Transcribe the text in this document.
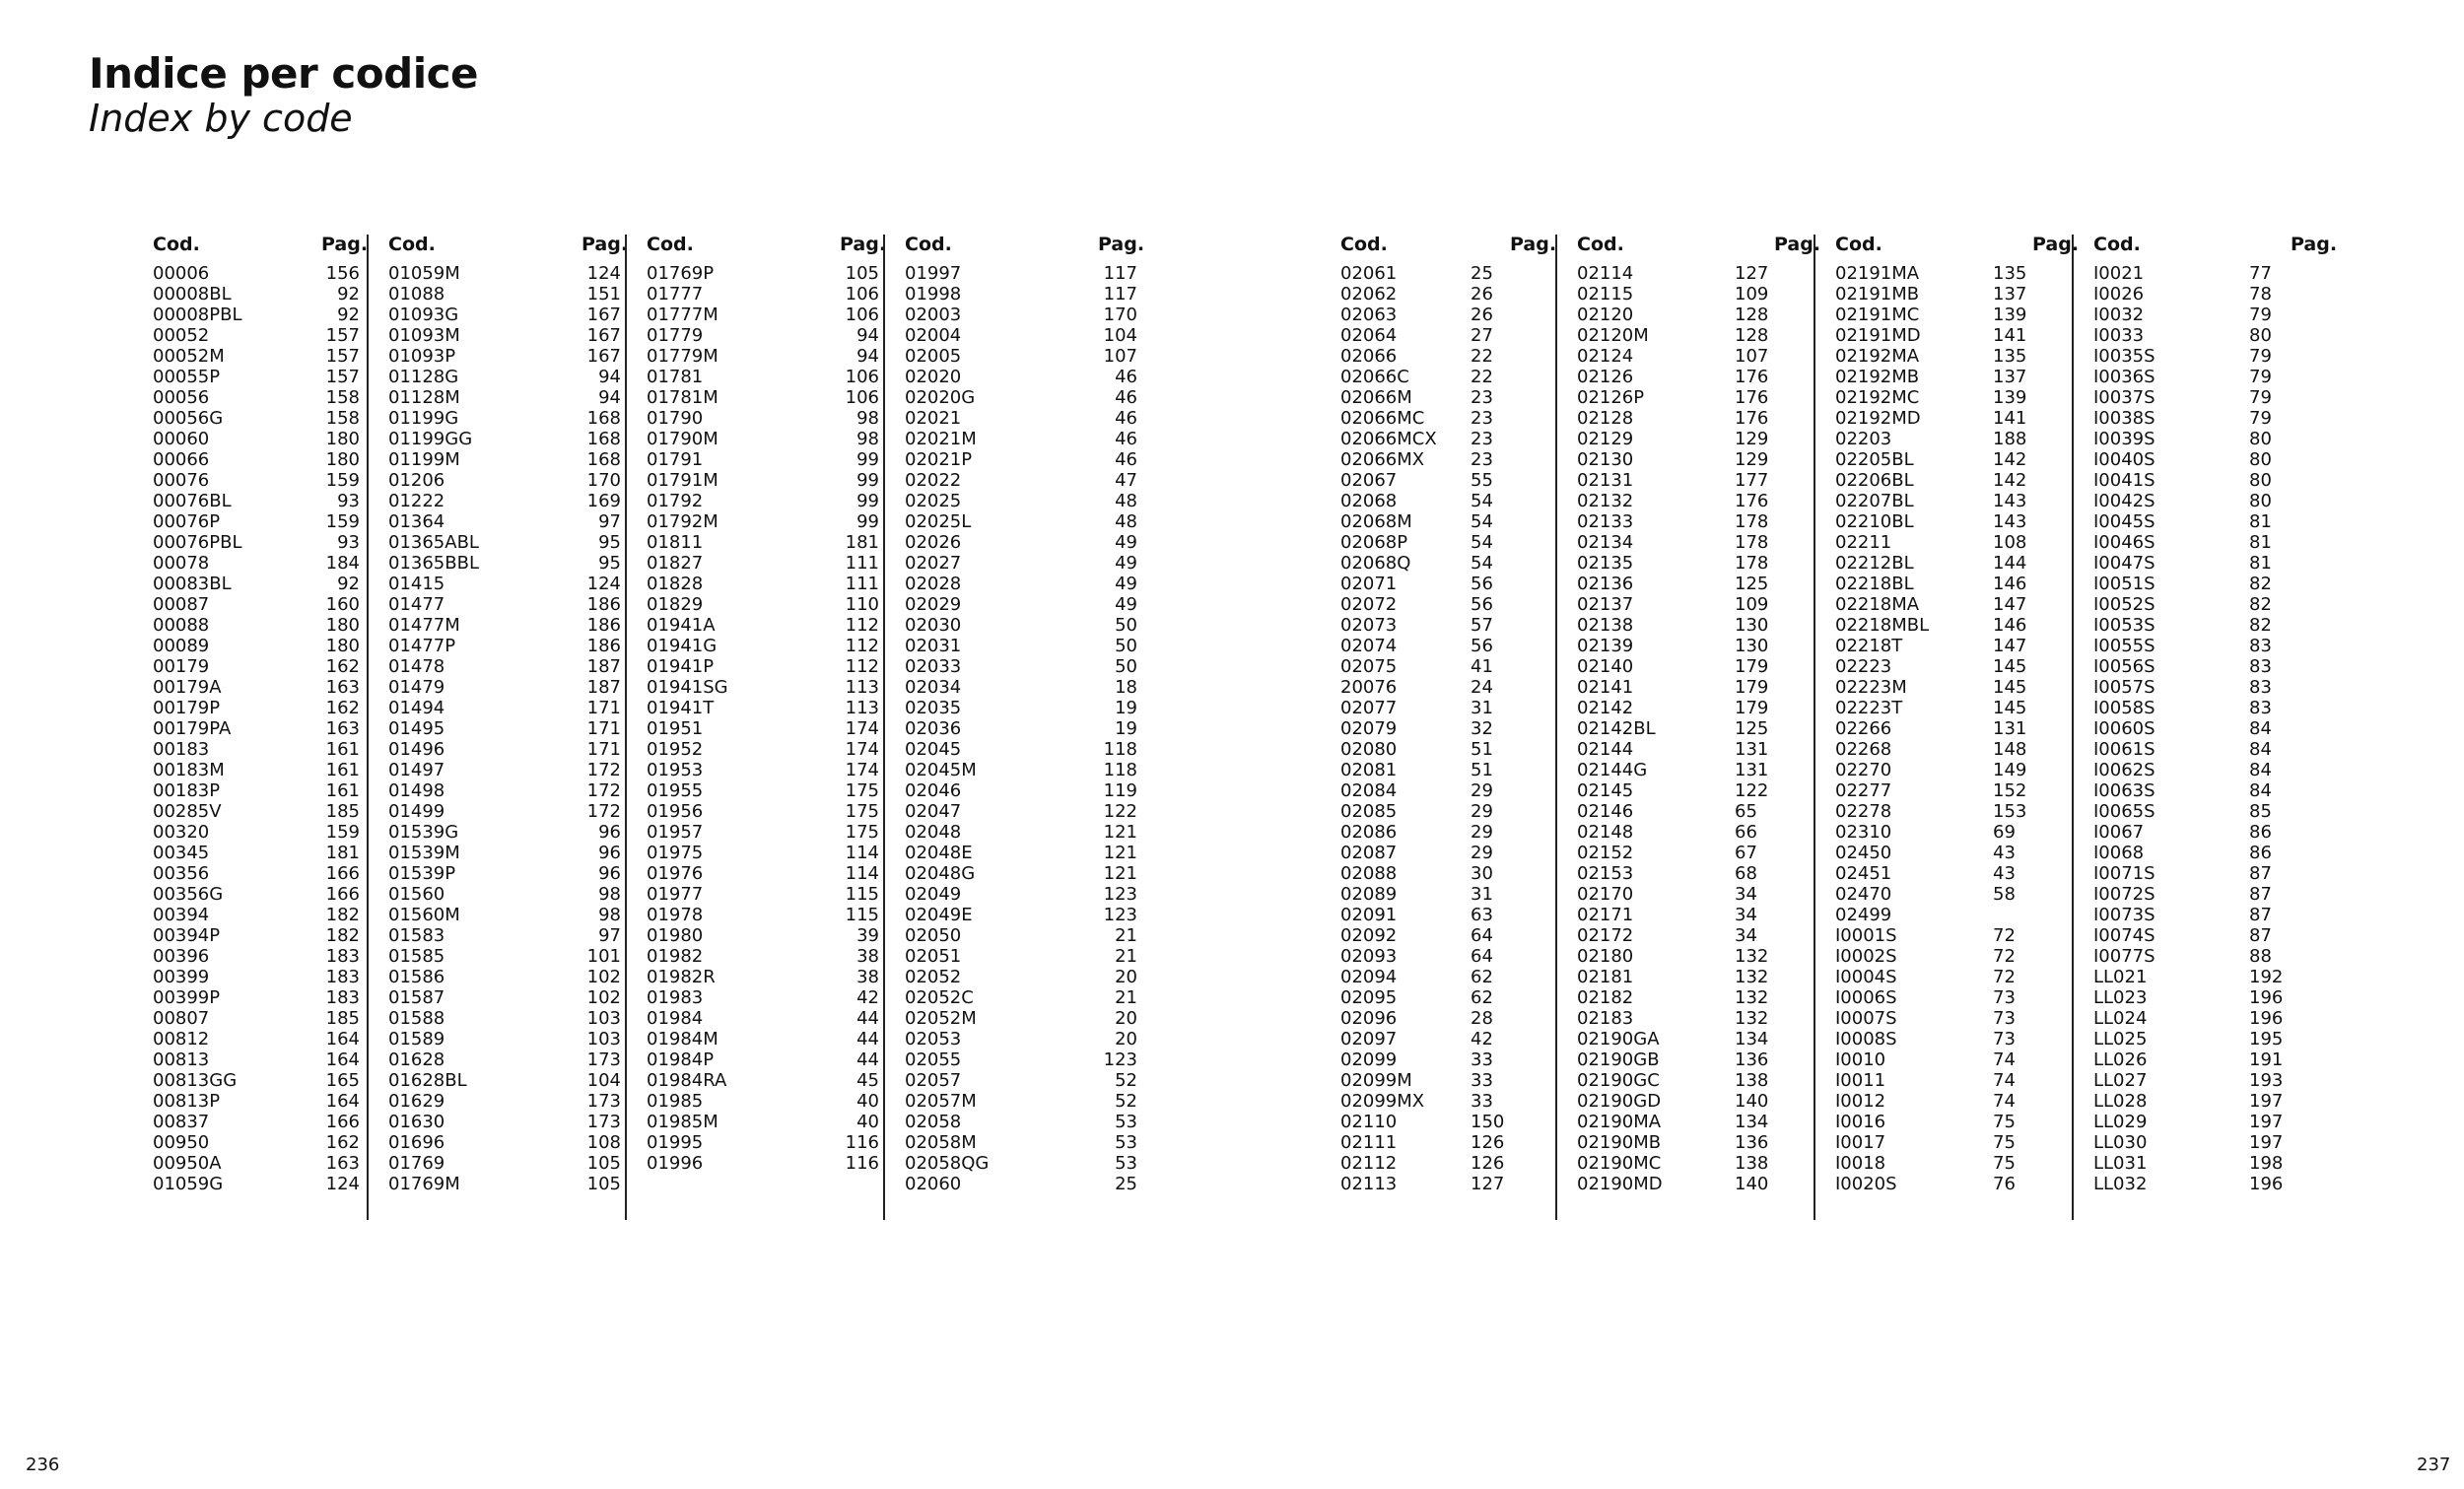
Indice per codice
Index by code
Cod.	Pag.
00006	156
00008BL	92
00008PBL	92
00052	157
00052M	157
00055P	157
00056	158
00056G	158
00060	180
00066	180
00076	159
00076BL	93
00076P	159
00076PBL	93
00078	184
00083BL	92
00087	160
00088	180
00089	180
00179	162
00179A	163
00179P	162
00179PA	163
00183	161
00183M	161
00183P	161
00285V	185
00320	159
00345	181
00356	166
00356G	166
00394	182
00394P	182
00396	183
00399	183
00399P	183
00807	185
00812	164
00813	164
00813GG	165
00813P	164
00837	166
00950	162
00950A	163
01059G	124
Cod.	Pag.
01059M	124
01088	151
01093G	167
01093M	167
01093P	167
01128G	94
01128M	94
01199G	168
01199GG	168
01199M	168
01206	170
01222	169
01364	97
01365ABL	95
01365BBL	95
01415	124
01477	186
01477M	186
01477P	186
01478	187
01479	187
01494	171
01495	171
01496	171
01497	172
01498	172
01499	172
01539G	96
01539M	96
01539P	96
01560	98
01560M	98
01583	97
01585	101
01586	102
01587	102
01588	103
01589	103
01628	173
01628BL	104
01629	173
01630	173
01696	108
01769	105
01769M	105
Cod.	Pag.
01769P	105
01777	106
01777M	106
01779	94
01779M	94
01781	106
01781M	106
01790	98
01790M	98
01791	99
01791M	99
01792	99
01792M	99
01811	181
01827	111
01828	111
01829	110
01941A	112
01941G	112
01941P	112
01941SG	113
01941T	113
01951	174
01952	174
01953	174
01955	175
01956	175
01957	175
01975	114
01976	114
01977	115
01978	115
01980	39
01982	38
01982R	38
01983	42
01984	44
01984M	44
01984P	44
01984RA	45
01985	40
01985M	40
01995	116
01996	116
Cod.	Pag.
01997	117
01998	117
02003	170
02004	104
02005	107
02020	46
02020G	46
02021	46
02021M	46
02021P	46
02022	47
02025	48
02025L	48
02026	49
02027	49
02028	49
02029	49
02030	50
02031	50
02033	50
02034	18
02035	19
02036	19
02045	118
02045M	118
02046	119
02047	122
02048	121
02048E	121
02048G	121
02049	123
02049E	123
02050	21
02051	21
02052	20
02052C	21
02052M	20
02053	20
02055	123
02057	52
02057M	52
02058	53
02058M	53
02058QG	53
02060	25
Cod.	Pag.
02061	25
02062	26
02063	26
02064	27
02066	22
02066C	22
02066M	23
02066MC	23
02066MCX 23
02066MX	23
02067	55
02068	54
02068M	54
02068P	54
02068Q	54
02071	56
02072	56
02073	57
02074	56
02075	41
20076	24
02077	31
02079	32
02080	51
02081	51
02084	29
02085	29
02086	29
02087	29
02088	30
02089	31
02091	63
02092	64
02093	64
02094	62
02095	62
02096	28
02097	42
02099	33
02099M	33
02099MX	33
02110	150
02111	126
02112	126
02113	127
Cod.	Pag.
02114	127
02115	109
02120	128
02120M	128
02124	107
02126	176
02126P	176
02128	176
02129	129
02130	129
02131	177
02132	176
02133	178
02134	178
02135	178
02136	125
02137	109
02138	130
02139	130
02140	179
02141	179
02142	179
02142BL	125
02144	131
02144G	131
02145	122
02146	65
02148	66
02152	67
02153	68
02170	34
02171	34
02172	34
02180	132
02181	132
02182	132
02183	132
02190GA	134
02190GB	136
02190GC	138
02190GD	140
02190MA	134
02190MB	136
02190MC	138
02190MD	140
Cod.	Pag.
02191MA	135
02191MB	137
02191MC	139
02191MD	141
02192MA	135
02192MB	137
02192MC	139
02192MD	141
02203	188
02205BL	142
02206BL	142
02207BL	143
02210BL	143
02211	108
02212BL	144
02218BL	146
02218MA	147
02218MBL	146
02218T	147
02223	145
02223M	145
02223T	145
02266	131
02268	148
02270	149
02277	152
02278	153
02310	69
02450	43
02451	43
02470	58
02499
I0001S	72
I0002S	72
I0004S	72
I0006S	73
I0007S	73
I0008S	73
I0010	74
I0011	74
I0012	74
I0016	75
I0017	75
I0018	75
I0020S	76
Cod.	Pag.
I0021	77
I0026	78
I0032	79
I0033	80
I0035S	79
I0036S	79
I0037S	79
I0038S	79
I0039S	80
I0040S	80
I0041S	80
I0042S	80
I0045S	81
I0046S	81
I0047S	81
I0051S	82
I0052S	82
I0053S	82
I0055S	83
I0056S	83
I0057S	83
I0058S	83
I0060S	84
I0061S	84
I0062S	84
I0063S	84
I0065S	85
I0067	86
I0068	86
I0071S	87
I0072S	87
I0073S	87
I0074S	87
I0077S	88
LL021	192
LL023	196
LL024	196
LL025	195
LL026	191
LL027	193
LL028	197
LL029	197
LL030	197
LL031	198
LL032	196
236	237
